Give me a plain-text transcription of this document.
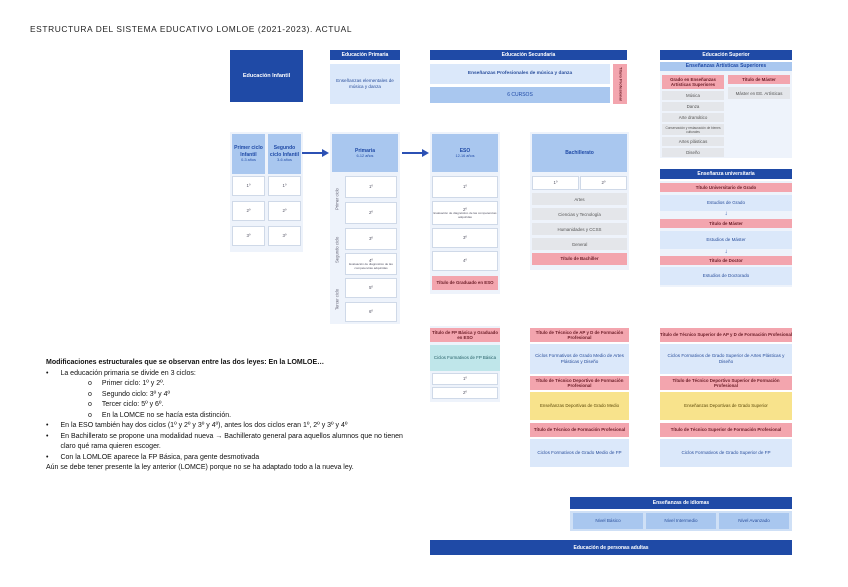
ESTRUCTURA DEL SISTEMA EDUCATIVO LOMLOE (2021-2023). ACTUAL
Educación Infantil
Primer ciclo Infantil
0-3 años
Segundo ciclo Infantil
3-6 años
1º
2º
3º
1º
2º
3º
Educación Primaria
Enseñanzas elementales de música y danza
Primaria
6-12 años
Primer ciclo
Segundo ciclo
Tercer ciclo
1º
2º
3º
4º
Evaluación de diagnóstico de las competencias adquiridas
5º
6º
Educación Secundaria
Enseñanzas Profesionales de música y danza
6 CURSOS	Título Profesional
ESO
12-16 años
1º
2º
Evaluación de diagnóstico de las competencias adquiridas
3º
4º
Título de Graduado en ESO
Bachillerato
1º	2º
Artes
Ciencias y Tecnología
Humanidades y CCSS
General
Título de Bachiller
Educación Superior
Enseñanzas Artísticas Superiores
Grado en Enseñanzas Artísticas Superiores
Título de Máster
Máster en EE. Artísticas
Música
Danza
Arte dramático
Conservación y restauración de bienes culturales
Artes plásticas
Diseño
Enseñanza universitaria
Título Universitario de Grado
Estudios de Grado
↓
Título de Máster
Estudios de Máster
↓
Título de Doctor
Estudios de Doctorado
Título de FP Básica y Graduado en ESO
Ciclos Formativos de FP Básica
1º
2º
Título de Técnico de AP y D de Formación Profesional
Ciclos Formativos de Grado Medio de Artes Plásticas y Diseño
Título de Técnico Deportivo de Formación Profesional
Enseñanzas Deportivas de Grado Medio
Título de Técnico de Formación Profesional
Ciclos Formativos de Grado Medio de FP
Título de Técnico Superior de AP y D de Formación Profesional
Ciclos Formativos de Grado Superior de Artes Plásticas y Diseño
Título de Técnico Deportivo Superior de Formación Profesional
Enseñanzas Deportivas de Grado Superior
Título de Técnico Superior de Formación Profesional
Ciclos Formativos de Grado Superior de FP
Enseñanzas de idiomas
Nivel Básico	Nivel Intermedio	Nivel Avanzado
Educación de personas adultas
Modificaciones estructurales que se observan entre las dos leyes: En la LOMLOE…
• La educación primaria se divide en 3 ciclos:
o Primer ciclo: 1º y 2º.
o Segundo ciclo: 3º y 4º
o Tercer ciclo: 5º y 6º.
o En la LOMCE no se hacía esta distinción.
• En la ESO también hay dos ciclos (1º y 2º y 3º y 4º), antes los dos ciclos eran 1º, 2º y 3º y 4º
• En Bachillerato se propone una modalidad nueva → Bachillerato general para aquellos alumnos que no tienen claro qué rama quieren escoger.
• Con la LOMLOE aparece la FP Básica, para gente desmotivada
Aún se debe tener presente la ley anterior (LOMCE) porque no se ha adaptado todo a la nueva ley.
